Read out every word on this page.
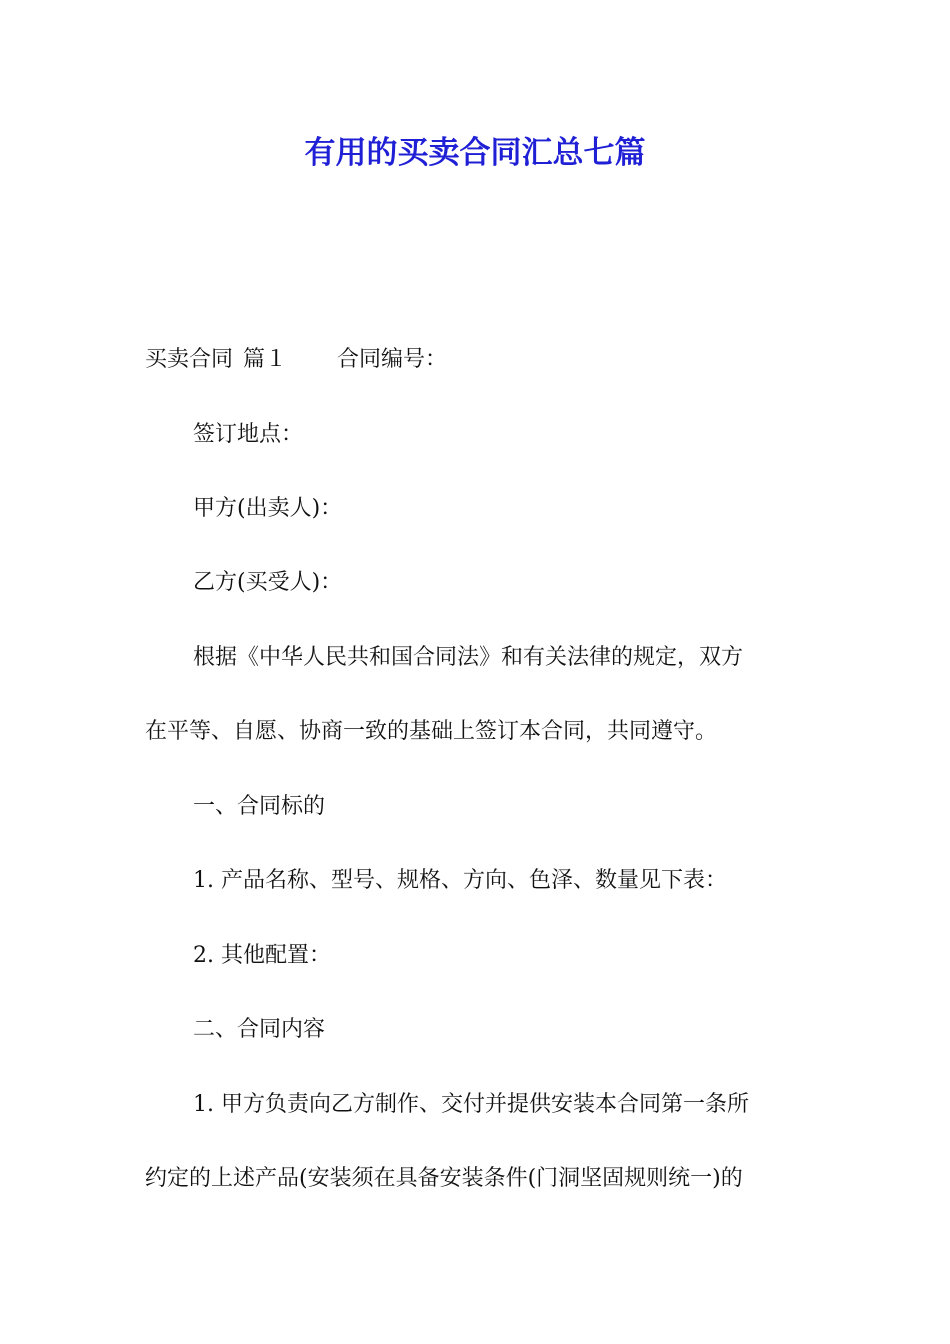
有用的买卖合同汇总七篇

买卖合同 篇１ 合同编号：

签订地点：

甲方(出卖人)：

乙方(买受人)：

根据《中华人民共和国合同法》和有关法律的规定，双方

在平等、自愿、协商一致的基础上签订本合同，共同遵守。

一、合同标的

1. 产品名称、型号、规格、方向、色泽、数量见下表：

2. 其他配置：

二、合同内容

1. 甲方负责向乙方制作、交付并提供安装本合同第一条所

约定的上述产品(安装须在具备安装条件(门洞坚固规则统一)的
